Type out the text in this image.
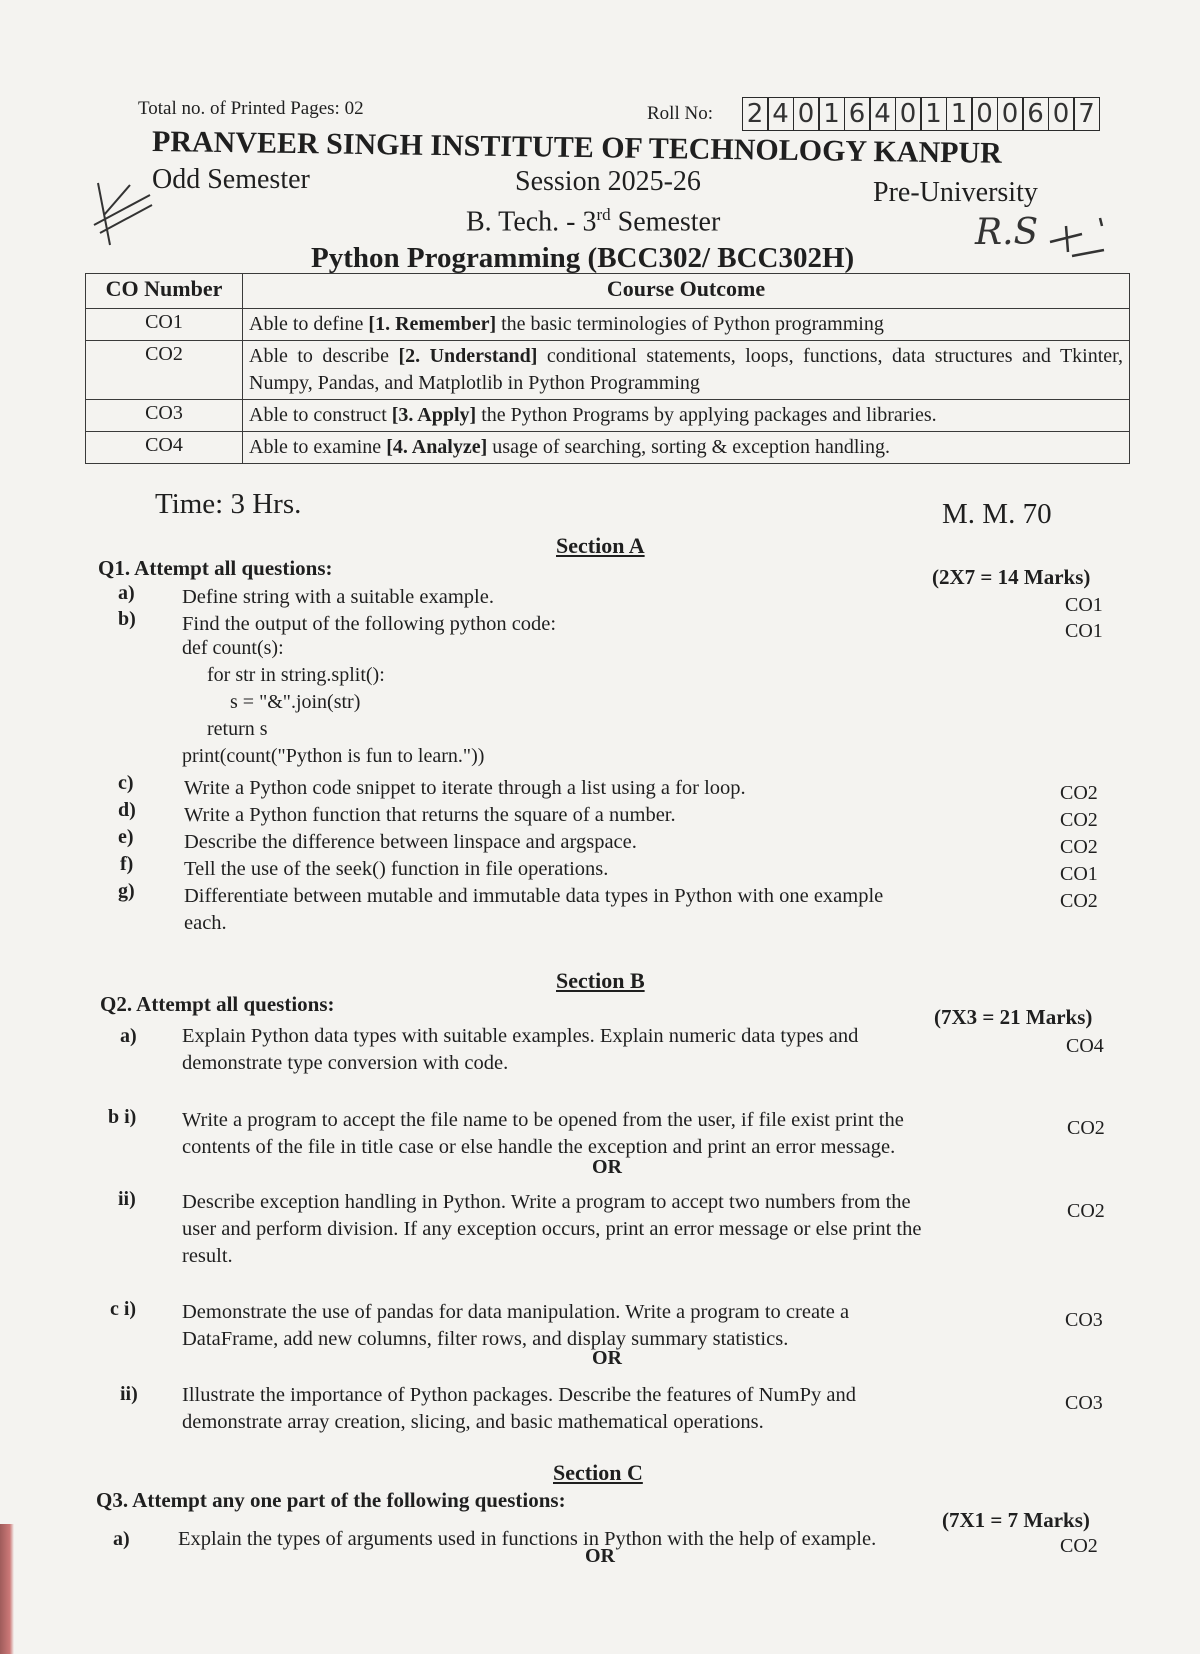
Total no. of Printed Pages: 02	Roll No: 2 4 0 1 6 4 0 1 1 0 0 6 0 7
PRANVEER SINGH INSTITUTE OF TECHNOLOGY KANPUR
Odd Semester	Session 2025-26	Pre-University
B. Tech. - 3rd Semester
Python Programming (BCC302/ BCC302H)
R.S
CO Number	Course Outcome
CO1	Able to define [1. Remember] the basic terminologies of Python programming
CO2	Able to describe [2. Understand] conditional statements, loops, functions, data structures and Tkinter, Numpy, Pandas, and Matplotlib in Python Programming
CO3	Able to construct [3. Apply] the Python Programs by applying packages and libraries.
CO4	Able to examine [4. Analyze] usage of searching, sorting & exception handling.
Time: 3 Hrs.	M. M. 70
Section A
Q1. Attempt all questions:	(2X7 = 14 Marks)
a) Define string with a suitable example.	CO1
b) Find the output of the following python code:	CO1
def count(s):
for str in string.split():
s = "&".join(str)
return s
print(count("Python is fun to learn."))
c) Write a Python code snippet to iterate through a list using a for loop.	CO2
d) Write a Python function that returns the square of a number.	CO2
e) Describe the difference between linspace and argspace.	CO2
f) Tell the use of the seek() function in file operations.	CO1
g) Differentiate between mutable and immutable data types in Python with one example
each.
CO2
Section B
Q2. Attempt all questions:
(7X3 = 21 Marks)
a) Explain Python data types with suitable examples. Explain numeric data types and
demonstrate type conversion with code.
CO4
b i) Write a program to accept the file name to be opened from the user, if file exist print the
contents of the file in title case or else handle the exception and print an error message.
CO2
OR
ii) Describe exception handling in Python. Write a program to accept two numbers from the
user and perform division. If any exception occurs, print an error message or else print the
result.
CO2
c i) Demonstrate the use of pandas for data manipulation. Write a program to create a
DataFrame, add new columns, filter rows, and display summary statistics.
CO3
OR
ii) Illustrate the importance of Python packages. Describe the features of NumPy and
demonstrate array creation, slicing, and basic mathematical operations.
CO3
Section C
Q3. Attempt any one part of the following questions:
(7X1 = 7 Marks)
a) Explain the types of arguments used in functions in Python with the help of example.	CO2
OR
